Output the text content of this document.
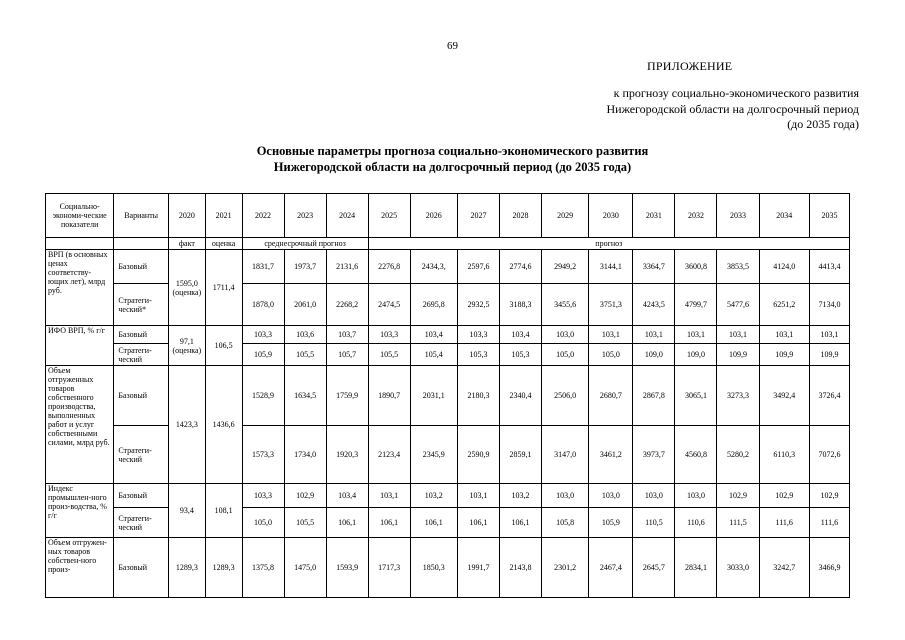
69
ПРИЛОЖЕНИЕ
к прогнозу социально-экономического развития
Нижегородской области на долгосрочный период
(до 2035 года)
Основные параметры прогноза социально-экономического развития
Нижегородской области на долгосрочный период (до 2035 года)
Социально-экономи-ческие показатели	Варианты	2020	2021	2022	2023	2024	2025	2026	2027	2028	2029	2030	2031	2032	2033	2034	2035
		факт	оценка	среднесрочный прогноз			прогноз										
ВРП (в основных ценах соответству-ющих лет), млрд руб.	Базовый	1595,0 (оценка)	1711,4	1831,7	1973,7	2131,6	2276,8	2434,3,	2597,6	2774,6	2949,2	3144,1	3364,7	3600,8	3853,5	4124,0	4413,4
	Стратеги-ческий*			1878,0	2061,0	2268,2	2474,5	2695,8	2932,5	3188,3	3455,6	3751,3	4243,5	4799,7	5477,6	6251,2	7134,0
ИФО ВРП, % г/г	Базовый	97,1 (оценка)	106,5	103,3	103,6	103,7	103,3	103,4	103,3	103,4	103,0	103,1	103,1	103,1	103,1	103,1	103,1
	Стратеги-ческий			105,9	105,5	105,7	105,5	105,4	105,3	105,3	105,0	105,0	109,0	109,0	109,9	109,9	109,9
Объем отгруженных товаров собственного производства, выполненных работ и услуг собственными силами, млрд руб.	Базовый	1423,3	1436,6	1528,9	1634,5	1759,9	1890,7	2031,1	2180,3	2340,4	2506,0	2680,7	2867,8	3065,1	3273,3	3492,4	3726,4
	Стратеги-ческий			1573,3	1734,0	1920,3	2123,4	2345,9	2590,9	2859,1	3147,0	3461,2	3973,7	4560,8	5280,2	6110,3	7072,6
Индекс промышлен-ного произ-водства, % г/г	Базовый	93,4	108,1	103,3	102,9	103,4	103,1	103,2	103,1	103,2	103,0	103,0	103,0	103,0	102,9	102,9	102,9
	Стратеги-ческий			105,0	105,5	106,1	106,1	106,1	106,1	106,1	105,8	105,9	110,5	110,6	111,5	111,6	111,6
Объем отгружен-ных товаров собствен-ного произ-	Базовый	1289,3	1289,3	1375,8	1475,0	1593,9	1717,3	1850,3	1991,7	2143,8	2301,2	2467,4	2645,7	2834,1	3033,0	3242,7	3466,9
